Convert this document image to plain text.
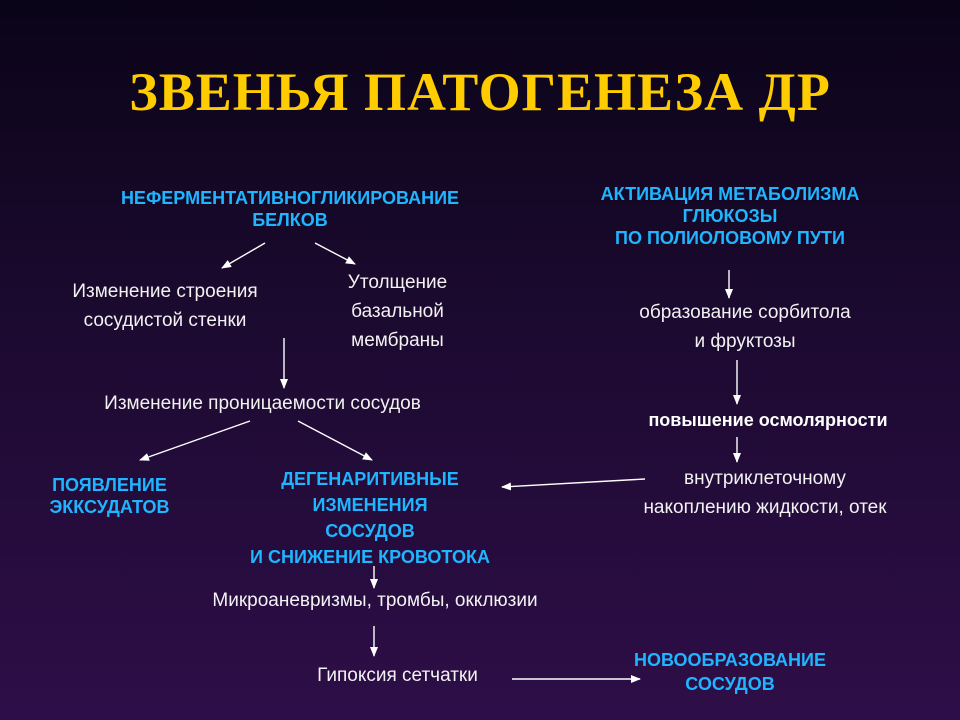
ЗВЕНЬЯ ПАТОГЕНЕЗА ДР
НЕФЕРМЕНТАТИВНОГЛИКИРОВАНИЕ
БЕЛКОВ
АКТИВАЦИЯ МЕТАБОЛИЗМА
ГЛЮКОЗЫ
ПО ПОЛИОЛОВОМУ ПУТИ
Изменение строения
сосудистой стенки
Утолщение
базальной
мембраны
образование сорбитола
и фруктозы
Изменение проницаемости сосудов
повышение осмолярности
ПОЯВЛЕНИЕ
ЭККСУДАТОВ
ДЕГЕНАРИТИВНЫЕ
ИЗМЕНЕНИЯ
СОСУДОВ
И СНИЖЕНИЕ КРОВОТОКА
внутриклеточному
накоплению жидкости, отек
Микроаневризмы, тромбы, окклюзии
Гипоксия сетчатки
НОВООБРАЗОВАНИЕ
СОСУДОВ
